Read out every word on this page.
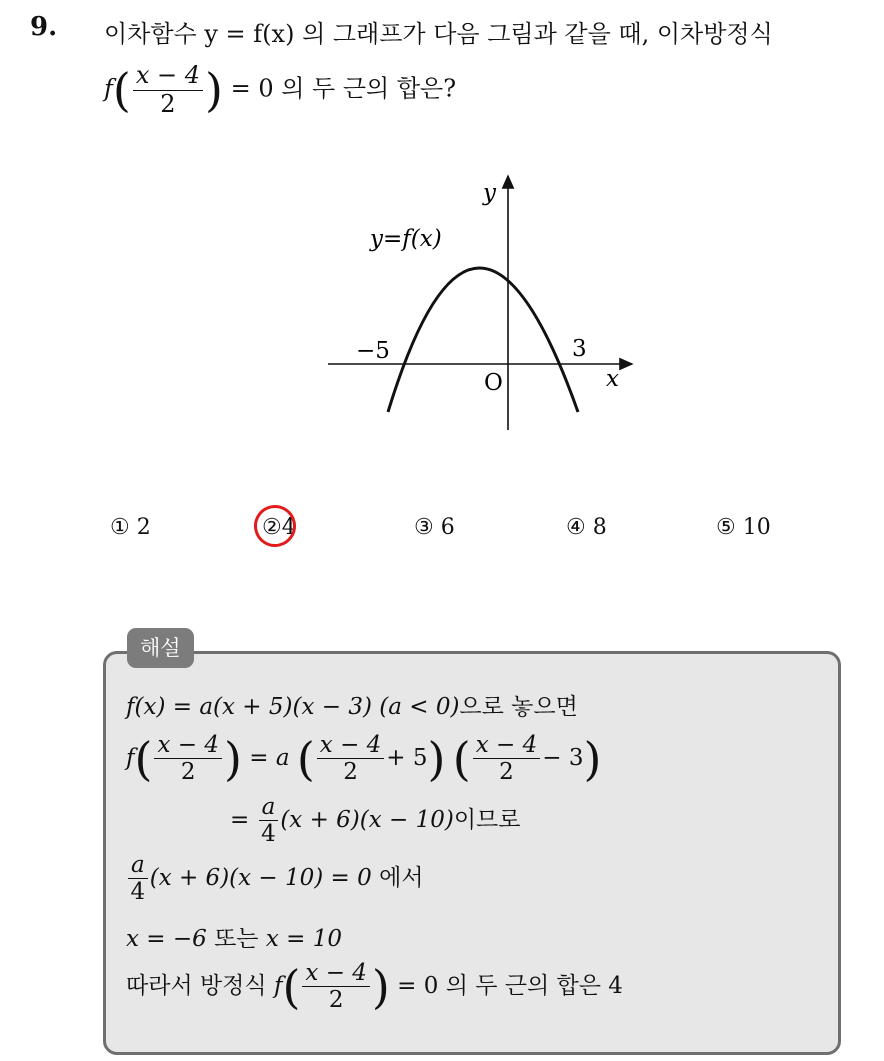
9. 이차함수 y = f(x) 의 그래프가 다음 그림과 같을 때, 이차방정식
$f( \frac{x - 4}{2}$ ) = 0 의 두 근의 합은?
y
x
y=f(x)
O
−5	3
① 2	②4	③ 6	④ 8	⑤ 10
f(x) = a(x + 5)(x − 3) (a < 0)으로 놓으면
$f( \frac{x - 4}{2}$ ) = a ( $\frac{x - 4}{2} + 5$) ( $\frac{x - 4}{2} - 3$)
= $\frac{a}{4} (x + 6)(x - 10)$이므로
$\frac{a}{4} (x + 6)(x - 10) = 0$ 에서
x = −6 또는 x = 10
따라서 방정식 $f( \frac{x - 4}{2}$ ) = 0 의 두 근의 합은 4
해설
